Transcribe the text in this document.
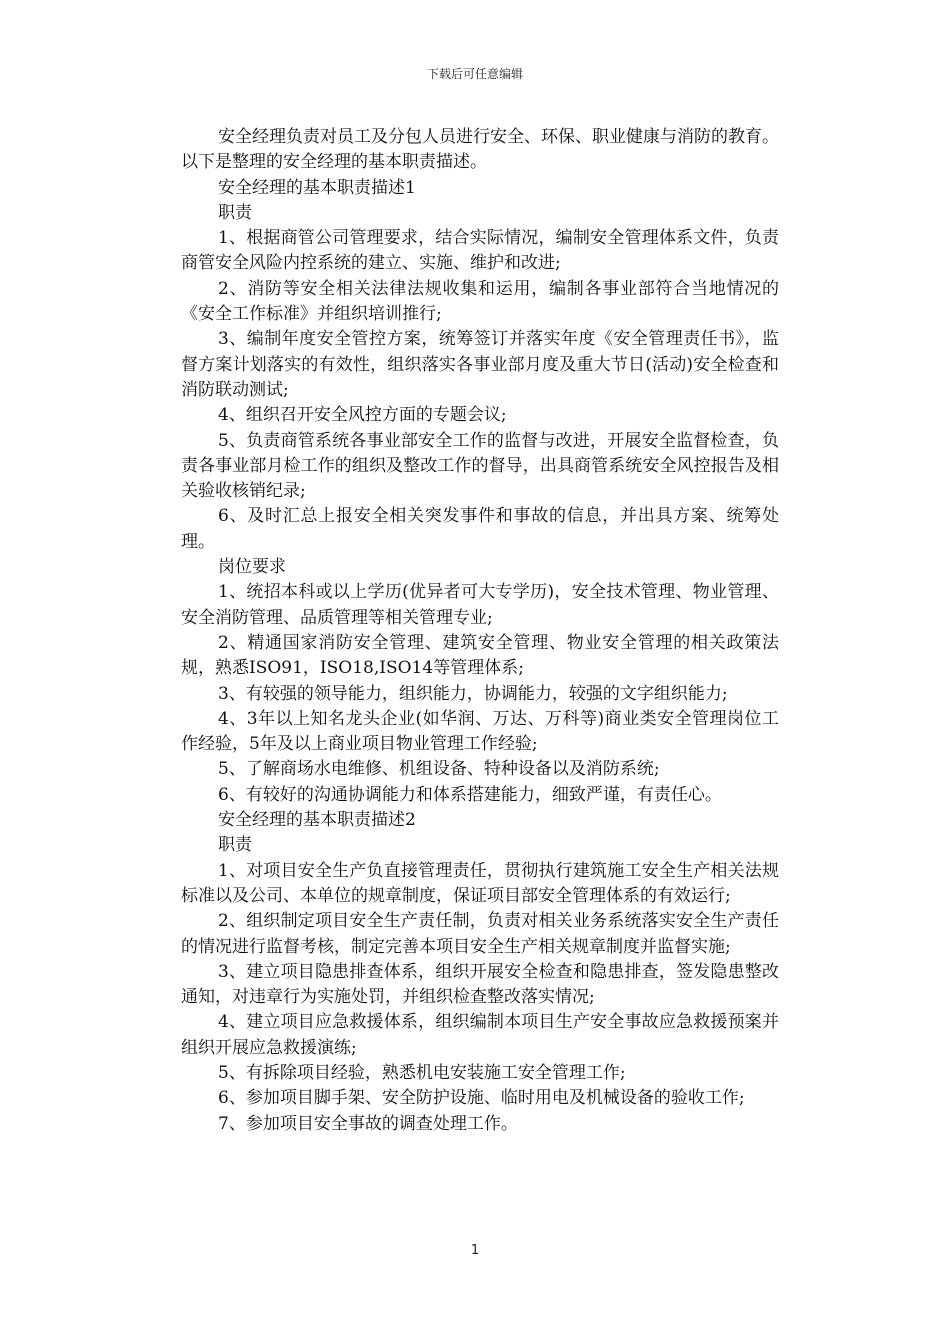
下载后可任意编辑

安全经理负责对员工及分包人员进行安全、环保、职业健康与消防的教育。以下是整理的安全经理的基本职责描述。

安全经理的基本职责描述1

职责

1、根据商管公司管理要求，结合实际情况，编制安全管理体系文件，负责商管安全风险内控系统的建立、实施、维护和改进;

2、消防等安全相关法律法规收集和运用，编制各事业部符合当地情况的《安全工作标准》并组织培训推行;

3、编制年度安全管控方案，统筹签订并落实年度《安全管理责任书》，监督方案计划落实的有效性，组织落实各事业部月度及重大节日(活动)安全检查和消防联动测试;

4、组织召开安全风控方面的专题会议;

5、负责商管系统各事业部安全工作的监督与改进，开展安全监督检查，负责各事业部月检工作的组织及整改工作的督导，出具商管系统安全风控报告及相关验收核销纪录;

6、及时汇总上报安全相关突发事件和事故的信息，并出具方案、统筹处理。

岗位要求

1、统招本科或以上学历(优异者可大专学历)，安全技术管理、物业管理、安全消防管理、品质管理等相关管理专业;

2、精通国家消防安全管理、建筑安全管理、物业安全管理的相关政策法规，熟悉ISO91，ISO18,ISO14等管理体系;

3、有较强的领导能力，组织能力，协调能力，较强的文字组织能力;

4、3年以上知名龙头企业(如华润、万达、万科等)商业类安全管理岗位工作经验，5年及以上商业项目物业管理工作经验;

5、了解商场水电维修、机组设备、特种设备以及消防系统;

6、有较好的沟通协调能力和体系搭建能力，细致严谨，有责任心。

安全经理的基本职责描述2

职责

1、对项目安全生产负直接管理责任，贯彻执行建筑施工安全生产相关法规标准以及公司、本单位的规章制度，保证项目部安全管理体系的有效运行;

2、组织制定项目安全生产责任制，负责对相关业务系统落实安全生产责任的情况进行监督考核，制定完善本项目安全生产相关规章制度并监督实施;

3、建立项目隐患排查体系，组织开展安全检查和隐患排查，签发隐患整改通知，对违章行为实施处罚，并组织检查整改落实情况;

4、建立项目应急救援体系，组织编制本项目生产安全事故应急救援预案并组织开展应急救援演练;

5、有拆除项目经验，熟悉机电安装施工安全管理工作;

6、参加项目脚手架、安全防护设施、临时用电及机械设备的验收工作;

7、参加项目安全事故的调查处理工作。

1
